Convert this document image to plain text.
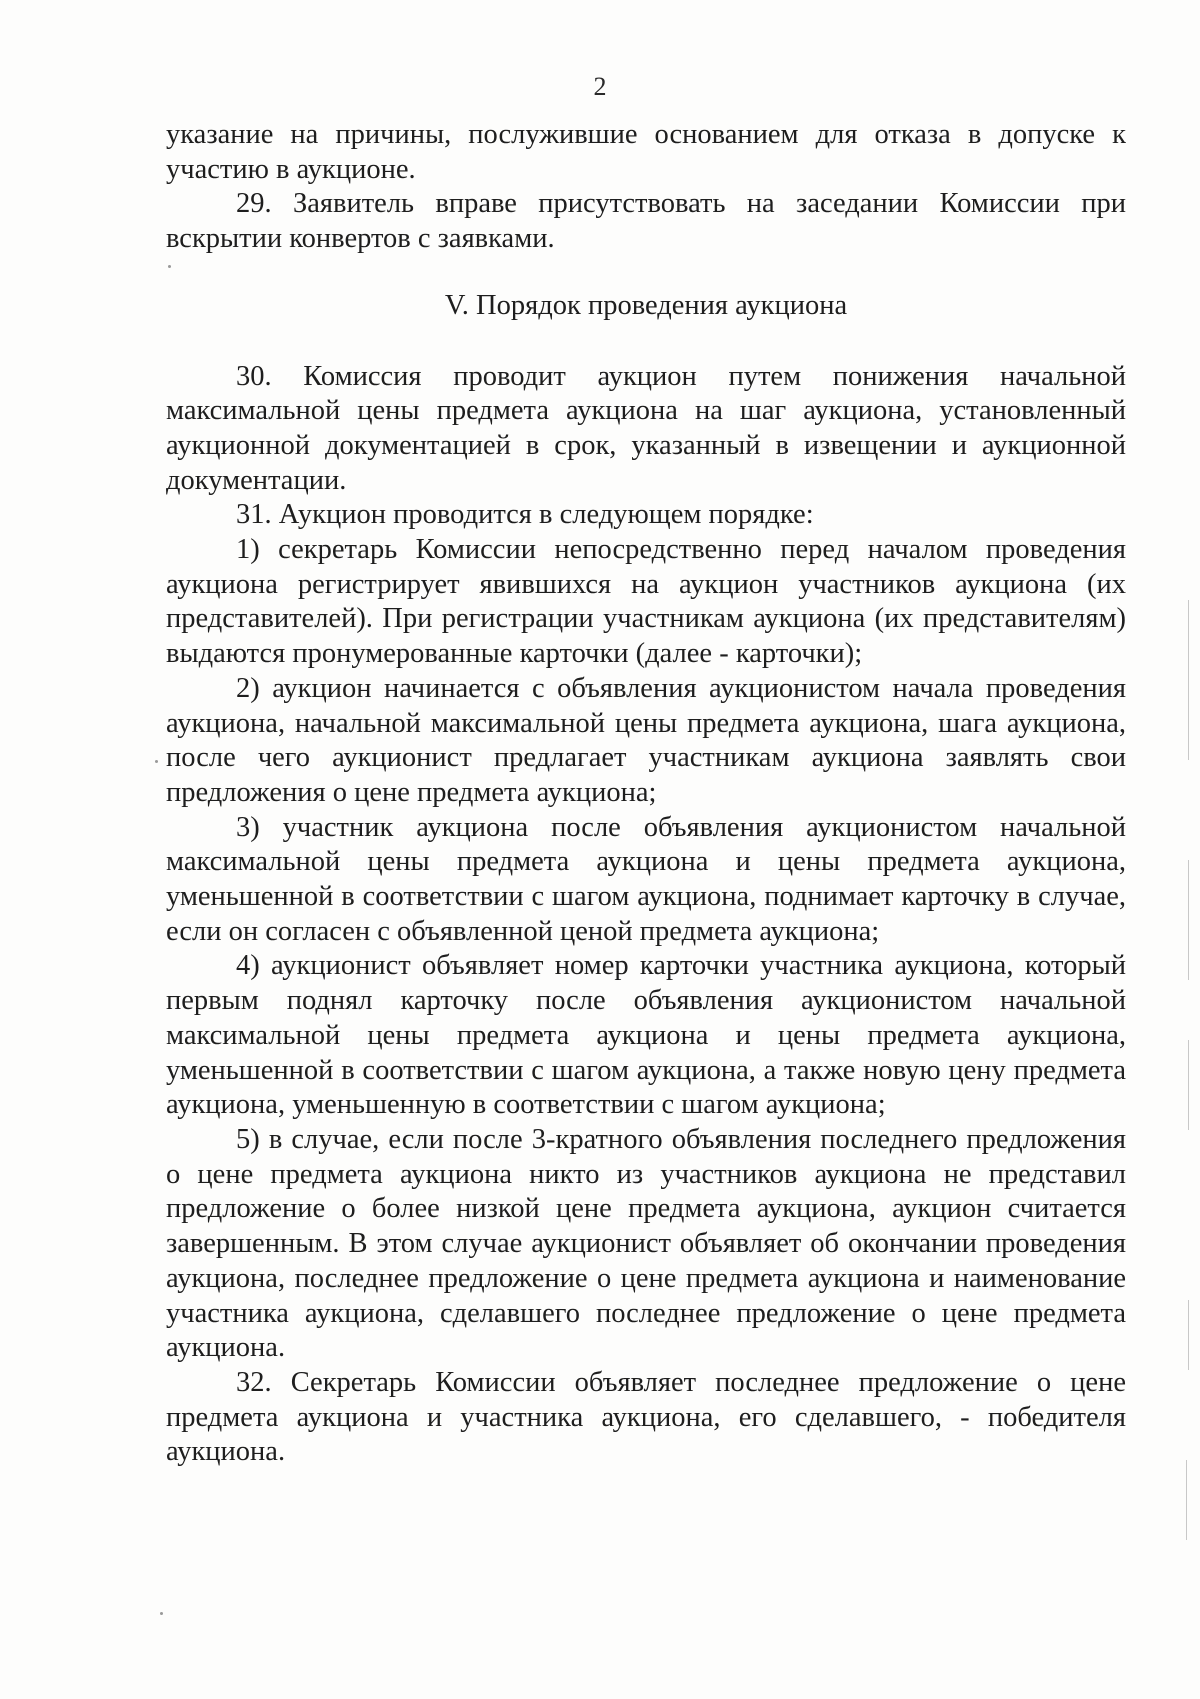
2

указание на причины, послужившие основанием для отказа в допуске к участию в аукционе.

29. Заявитель вправе присутствовать на заседании Комиссии при вскрытии конвертов с заявками.

V. Порядок проведения аукциона

30. Комиссия проводит аукцион путем понижения начальной максимальной цены предмета аукциона на шаг аукциона, установленный аукционной документацией в срок, указанный в извещении и аукционной документации.

31. Аукцион проводится в следующем порядке:

1) секретарь Комиссии непосредственно перед началом проведения аукциона регистрирует явившихся на аукцион участников аукциона (их представителей). При регистрации участникам аукциона (их представителям) выдаются пронумерованные карточки (далее - карточки);

2) аукцион начинается с объявления аукционистом начала проведения аукциона, начальной максимальной цены предмета аукциона, шага аукциона, после чего аукционист предлагает участникам аукциона заявлять свои предложения о цене предмета аукциона;

3) участник аукциона после объявления аукционистом начальной максимальной цены предмета аукциона и цены предмета аукциона, уменьшенной в соответствии с шагом аукциона, поднимает карточку в случае, если он согласен с объявленной ценой предмета аукциона;

4) аукционист объявляет номер карточки участника аукциона, который первым поднял карточку после объявления аукционистом начальной максимальной цены предмета аукциона и цены предмета аукциона, уменьшенной в соответствии с шагом аукциона, а также новую цену предмета аукциона, уменьшенную в соответствии с шагом аукциона;

5) в случае, если после 3-кратного объявления последнего предложения о цене предмета аукциона никто из участников аукциона не представил предложение о более низкой цене предмета аукциона, аукцион считается завершенным. В этом случае аукционист объявляет об окончании проведения аукциона, последнее предложение о цене предмета аукциона и наименование участника аукциона, сделавшего последнее предложение о цене предмета аукциона.

32. Секретарь Комиссии объявляет последнее предложение о цене предмета аукциона и участника аукциона, его сделавшего, - победителя аукциона.
